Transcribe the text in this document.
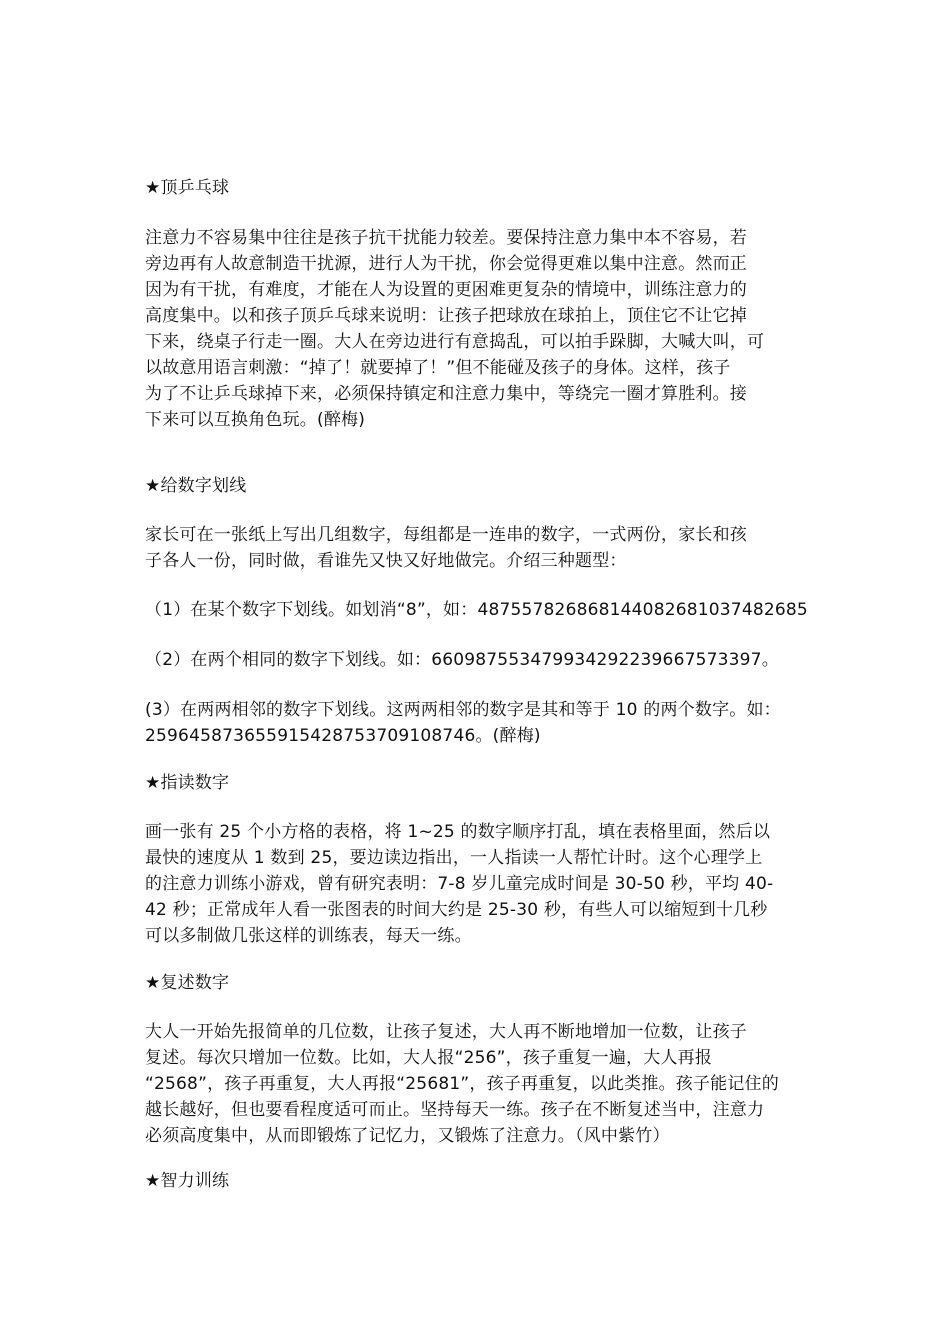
★顶乒乓球
注意力不容易集中往往是孩子抗干扰能力较差。要保持注意力集中本不容易，若
旁边再有人故意制造干扰源，进行人为干扰，你会觉得更难以集中注意。然而正
因为有干扰，有难度，才能在人为设置的更困难更复杂的情境中，训练注意力的
高度集中。以和孩子顶乒乓球来说明：让孩子把球放在球拍上，顶住它不让它掉
下来，绕桌子行走一圈。大人在旁边进行有意捣乱，可以拍手跺脚，大喊大叫，可
以故意用语言刺激：“掉了！就要掉了！”但不能碰及孩子的身体。这样，孩子
为了不让乒乓球掉下来，必须保持镇定和注意力集中，等绕完一圈才算胜利。接
下来可以互换角色玩。(醉梅)
★给数字划线
家长可在一张纸上写出几组数字，每组都是一连串的数字，一式两份，家长和孩
子各人一份，同时做，看谁先又快又好地做完。介绍三种题型：
（1）在某个数字下划线。如划消“8”，如：487557826868144082681037482685
（2）在两个相同的数字下划线。如：660987553479934292239667573397。
(3）在两两相邻的数字下划线。这两两相邻的数字是其和等于 10 的两个数字。如：
259645873655915428753709108746。(醉梅)
★指读数字
画一张有 25 个小方格的表格，将 1~25 的数字顺序打乱，填在表格里面，然后以
最快的速度从 1 数到 25，要边读边指出，一人指读一人帮忙计时。这个心理学上
的注意力训练小游戏，曾有研究表明：7-8 岁儿童完成时间是 30-50 秒，平均 40-
42 秒；正常成年人看一张图表的时间大约是 25-30 秒，有些人可以缩短到十几秒
可以多制做几张这样的训练表，每天一练。
★复述数字
大人一开始先报简单的几位数，让孩子复述，大人再不断地增加一位数，让孩子
复述。每次只增加一位数。比如，大人报“256”，孩子重复一遍，大人再报
“2568”，孩子再重复，大人再报“25681”，孩子再重复，以此类推。孩子能记住的
越长越好，但也要看程度适可而止。坚持每天一练。孩子在不断复述当中，注意力
必须高度集中，从而即锻炼了记忆力，又锻炼了注意力。（风中紫竹）
★智力训练
